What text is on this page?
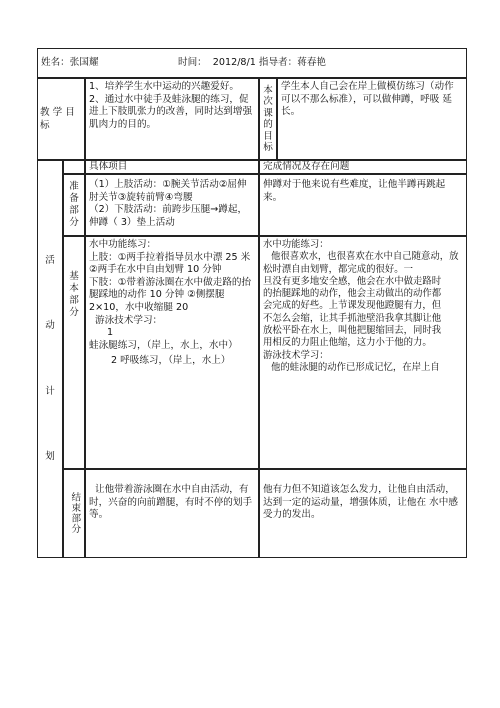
姓名：张国耀	时间： 2012/8/1 指导者： 蒋春艳
教 学 目标

1、培养学生水中运动的兴趣爱好。

2、通过水中徒手及蛙泳腿的练习，促进上下肢肌张力的改善，同时达到增强肌肉力的目的。

本次课的目标

学生本人自己会在岸上做模仿练习（动作可以不那么标准），可以做伸蹲，呼吸 延长。

活
动
计
划
具体项目	完成情况及存在问题
准
备
部
分

（1）上肢活动：①腕关节活动②屈伸 肘关节③旋转前臂④弯腰

（2）下肢活动：前跨步压腿→蹲起，伸蹲（ 3）垫上活动

伸蹲对于他来说有些难度，让他半蹲再跳起 来。

基
本
部
分

水中功能练习：

上肢：①两手拉着指导员水中漂 25 米 ②两手在水中自由划臂 10 分钟

下肢：①带着游泳圈在水中做走路的抬腿踩地的动作 10 分钟 ②侧摆腿 2×10，水中收缩腿 20

游泳技术学习：

1

蛙泳腿练习，（岸上，水上，水中）

2 呼吸练习，（岸上，水上）

水中功能练习：

他很喜欢水，也很喜欢在水中自己随意动，放松时漂自由划臂，都完成的很好。一

旦没有更多地安全感，他会在水中做走路时

的抬腿踩地的动作，他会主动做出的动作都

会完成的好些。上节课发现他蹬腿有力，但

不怎么会缩，让其手抓池壁沿我拿其脚让他

放松平卧在水上，叫他把腿缩回去，同时我

用相反的力阻止他缩，这力小于他的力。

游泳技术学习：

他的蛙泳腿的动作已形成记忆，在岸上自

结束部分

让他带着游泳圈在水中自由活动，有时，兴奋的向前蹭腿，有时不停的划手等。

他有力但不知道该怎么发力，让他自由活动，达到一定的运动量，增强体质，让他在 水中感受力的发出。
